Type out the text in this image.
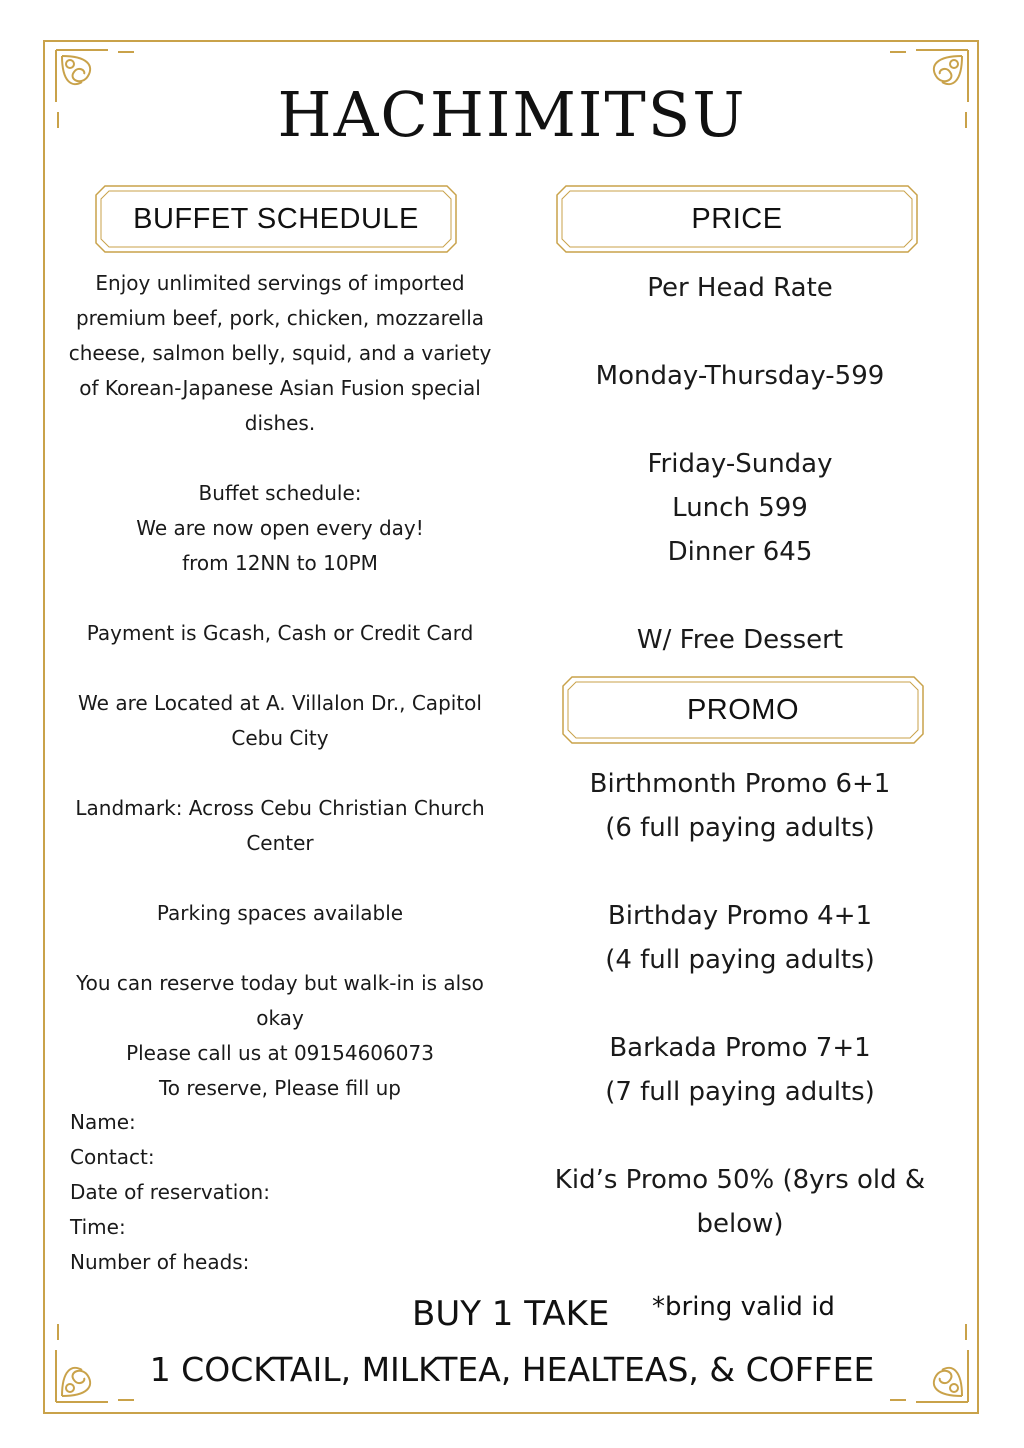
HACHIMITSU
BUFFET SCHEDULE	PRICE
PROMO

Enjoy unlimited servings of imported

premium beef, pork, chicken, mozzarella

cheese, salmon belly, squid, and a variety

of Korean-Japanese Asian Fusion special

dishes.

Buffet schedule:

We are now open every day!

from 12NN to 10PM

Payment is Gcash, Cash or Credit Card

We are Located at A. Villalon Dr., Capitol

Cebu City

Landmark: Across Cebu Christian Church

Center

Parking spaces available

You can reserve today but walk-in is also

okay

Please call us at 09154606073

To reserve, Please fill up

Name:
Contact:
Date of reservation:
Time:
Number of heads:

Per Head Rate

Monday-Thursday-599

Friday-Sunday

Lunch 599

Dinner 645

W/ Free Dessert

Birthmonth Promo 6+1

(6 full paying adults)

Birthday Promo 4+1

(4 full paying adults)

Barkada Promo 7+1

(7 full paying adults)

Kid’s Promo 50% (8yrs old &

below)

BUY 1 TAKE *bring valid id
1 COCKTAIL, MILKTEA, HEALTEAS, & COFFEE
